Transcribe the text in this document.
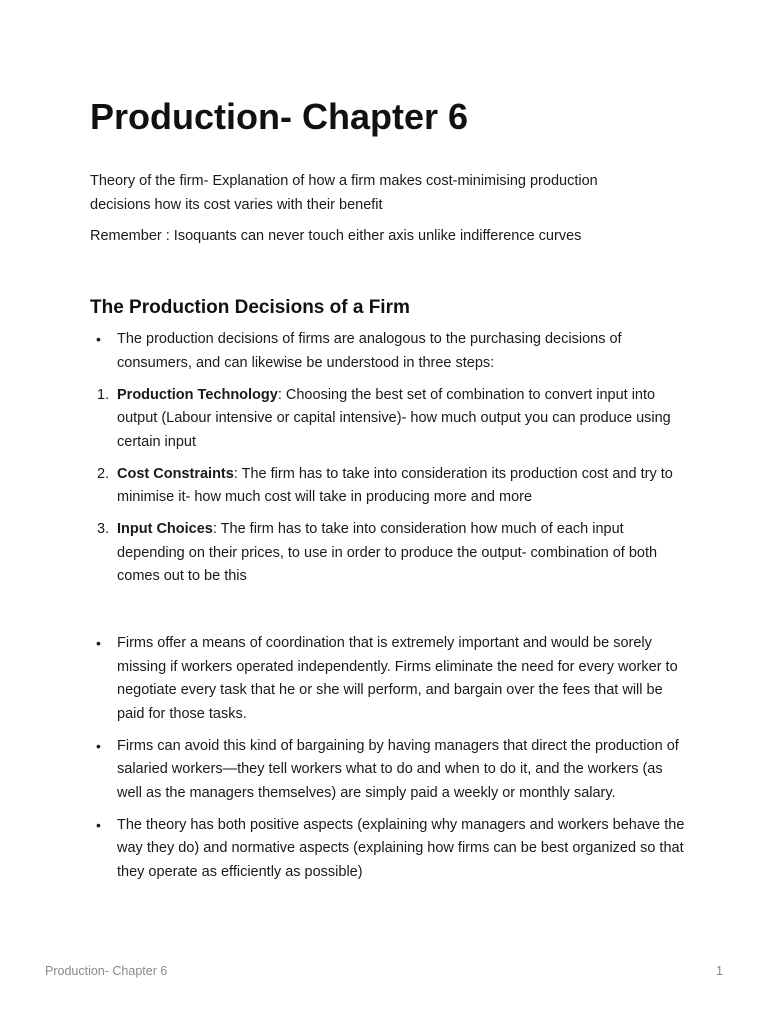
Production- Chapter 6

Theory of the firm- Explanation of how a firm makes cost-minimising production decisions how its cost varies with their benefit

Remember : Isoquants can never touch either axis unlike indifference curves

The Production Decisions of a Firm
•	The production decisions of firms are analogous to the purchasing decisions of consumers, and can likewise be understood in three steps:
1. Production Technology: Choosing the best set of combination to convert input into output (Labour intensive or capital intensive)- how much output you can produce using certain input
2. Cost Constraints: The firm has to take into consideration its production cost and try to minimise it- how much cost will take in producing more and more
3. Input Choices: The firm has to take into consideration how much of each input depending on their prices, to use in order to produce the output- combination of both comes out to be this
•	Firms offer a means of coordination that is extremely important and would be sorely missing if workers operated independently. Firms eliminate the need for every worker to negotiate every task that he or she will perform, and bargain over the fees that will be paid for those tasks.
•	Firms can avoid this kind of bargaining by having managers that direct the production of salaried workers—they tell workers what to do and when to do it, and the workers (as well as the managers themselves) are simply paid a weekly or monthly salary.
•	The theory has both positive aspects (explaining why managers and workers behave the way they do) and normative aspects (explaining how firms can be best organized so that they operate as efficiently as possible)
Production- Chapter 6	1
